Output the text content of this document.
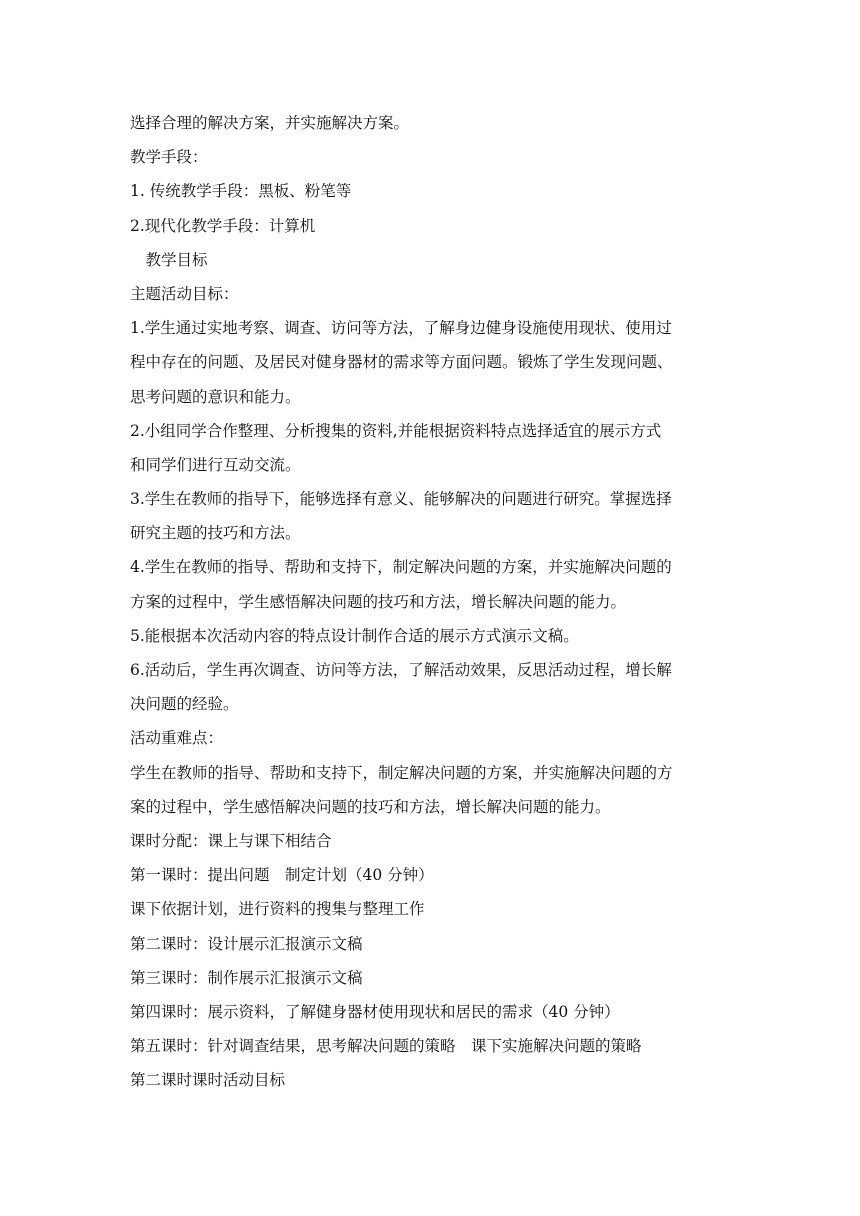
选择合理的解决方案，并实施解决方案。
教学手段：
1. 传统教学手段：黑板、粉笔等
2.现代化教学手段：计算机
　教学目标
主题活动目标：
1.学生通过实地考察、调查、访问等方法，了解身边健身设施使用现状、使用过
程中存在的问题、及居民对健身器材的需求等方面问题。锻炼了学生发现问题、
思考问题的意识和能力。
2.小组同学合作整理、分析搜集的资料,并能根据资料特点选择适宜的展示方式
和同学们进行互动交流。
3.学生在教师的指导下，能够选择有意义、能够解决的问题进行研究。掌握选择
研究主题的技巧和方法。
4.学生在教师的指导、帮助和支持下，制定解决问题的方案，并实施解决问题的
方案的过程中，学生感悟解决问题的技巧和方法，增长解决问题的能力。
5.能根据本次活动内容的特点设计制作合适的展示方式演示文稿。
6.活动后，学生再次调查、访问等方法，了解活动效果，反思活动过程，增长解
决问题的经验。
活动重难点：
学生在教师的指导、帮助和支持下，制定解决问题的方案，并实施解决问题的方
案的过程中，学生感悟解决问题的技巧和方法，增长解决问题的能力。
课时分配：课上与课下相结合
第一课时：提出问题　制定计划（40 分钟）
课下依据计划，进行资料的搜集与整理工作
第二课时：设计展示汇报演示文稿
第三课时：制作展示汇报演示文稿
第四课时：展示资料，了解健身器材使用现状和居民的需求（40 分钟）
第五课时：针对调查结果，思考解决问题的策略　课下实施解决问题的策略
第二课时课时活动目标
